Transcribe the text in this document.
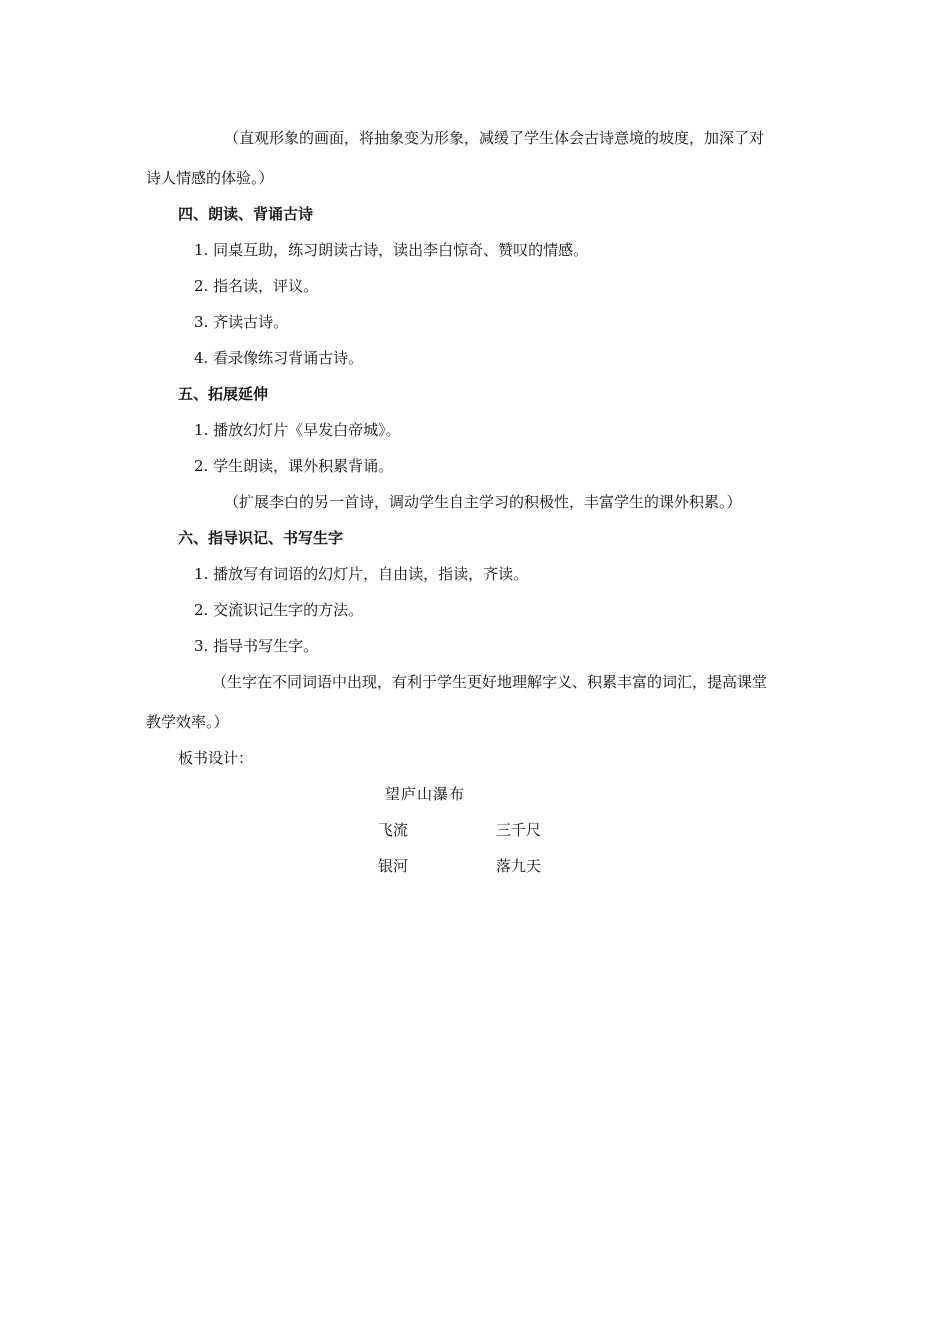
（直观形象的画面，将抽象变为形象，减缓了学生体会古诗意境的坡度，加深了对
诗人情感的体验。）
四、朗读、背诵古诗
1. 同桌互助，练习朗读古诗，读出李白惊奇、赞叹的情感。
2. 指名读，评议。
3. 齐读古诗。
4. 看录像练习背诵古诗。
五、拓展延伸
1. 播放幻灯片《早发白帝城》。
2. 学生朗读，课外积累背诵。
（扩展李白的另一首诗，调动学生自主学习的积极性，丰富学生的课外积累。）
六、指导识记、书写生字
1. 播放写有词语的幻灯片，自由读，指读，齐读。
2. 交流识记生字的方法。
3. 指导书写生字。
（生字在不同词语中出现，有利于学生更好地理解字义、积累丰富的词汇，提高课堂
教学效率。）
板书设计：
望庐山瀑布
飞流	三千尺
银河	落九天
